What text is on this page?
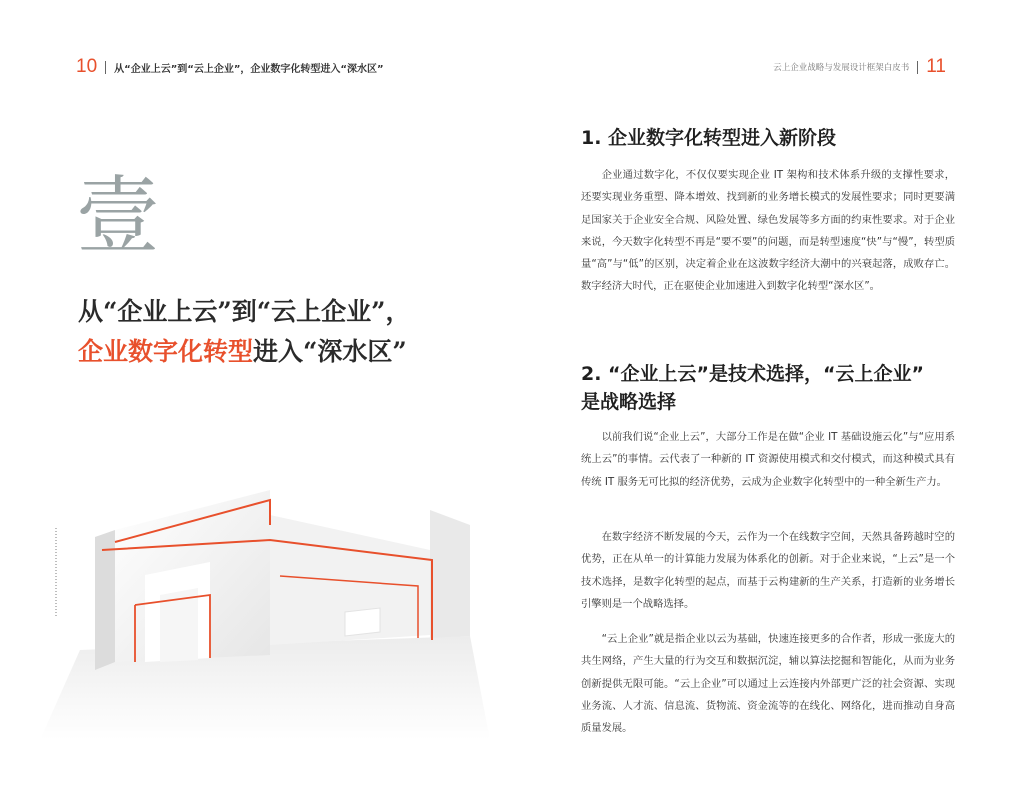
10 从“企业上云”到“云上企业”，企业数字化转型进入“深水区”
壹
从“企业上云”到“云上企业”，
企业数字化转型进入“深水区”
云上企业战略与发展设计框架白皮书 11
1. 企业数字化转型进入新阶段

企业通过数字化，不仅仅要实现企业 IT 架构和技术体系升级的支撑性要求，还要实现业务重塑、降本增效、找到新的业务增长模式的发展性要求；同时更要满足国家关于企业安全合规、风险处置、绿色发展等多方面的约束性要求。对于企业来说，今天数字化转型不再是“要不要”的问题，而是转型速度“快”与“慢”，转型质量“高”与“低”的区别，决定着企业在这波数字经济大潮中的兴衰起落，成败存亡。数字经济大时代，正在驱使企业加速进入到数字化转型“深水区”。

2. “企业上云”是技术选择，“云上企业”
是战略选择

以前我们说“企业上云”，大部分工作是在做“企业 IT 基础设施云化”与“应用系统上云”的事情。云代表了一种新的 IT 资源使用模式和交付模式，而这种模式具有传统 IT 服务无可比拟的经济优势，云成为企业数字化转型中的一种全新生产力。

在数字经济不断发展的今天，云作为一个在线数字空间，天然具备跨越时空的优势，正在从单一的计算能力发展为体系化的创新。对于企业来说，“上云”是一个技术选择，是数字化转型的起点，而基于云构建新的生产关系，打造新的业务增长引擎则是一个战略选择。

“云上企业”就是指企业以云为基础，快速连接更多的合作者，形成一张庞大的共生网络，产生大量的行为交互和数据沉淀，辅以算法挖掘和智能化，从而为业务创新提供无限可能。“云上企业”可以通过上云连接内外部更广泛的社会资源、实现业务流、人才流、信息流、货物流、资金流等的在线化、网络化，进而推动自身高质量发展。
